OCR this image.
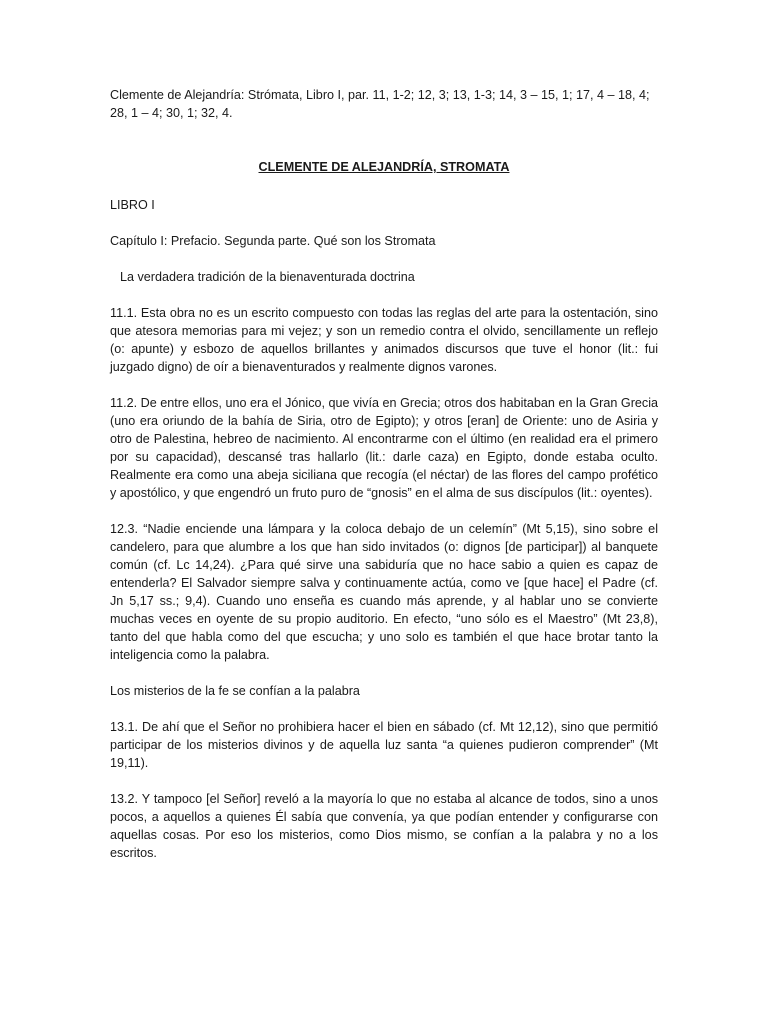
Clemente de Alejandría: Strómata, Libro I, par. 11, 1-2; 12, 3; 13, 1-3; 14, 3 – 15, 1; 17, 4 – 18, 4; 28, 1 – 4; 30, 1; 32, 4.

CLEMENTE DE ALEJANDRÍA, STROMATA

LIBRO I

Capítulo I: Prefacio. Segunda parte. Qué son los Stromata

La verdadera tradición de la bienaventurada doctrina

11.1. Esta obra no es un escrito compuesto con todas las reglas del arte para la ostentación, sino que atesora memorias para mi vejez; y son un remedio contra el olvido, sencillamente un reflejo (o: apunte) y esbozo de aquellos brillantes y animados discursos que tuve el honor (lit.: fui juzgado digno) de oír a bienaventurados y realmente dignos varones.

11.2. De entre ellos, uno era el Jónico, que vivía en Grecia; otros dos habitaban en la Gran Grecia (uno era oriundo de la bahía de Siria, otro de Egipto); y otros [eran] de Oriente: uno de Asiria y otro de Palestina, hebreo de nacimiento. Al encontrarme con el último (en realidad era el primero por su capacidad), descansé tras hallarlo (lit.: darle caza) en Egipto, donde estaba oculto. Realmente era como una abeja siciliana que recogía (el néctar) de las flores del campo profético y apostólico, y que engendró un fruto puro de “gnosis” en el alma de sus discípulos (lit.: oyentes).

12.3. “Nadie enciende una lámpara y la coloca debajo de un celemín” (Mt 5,15), sino sobre el candelero, para que alumbre a los que han sido invitados (o: dignos [de participar]) al banquete común (cf. Lc 14,24). ¿Para qué sirve una sabiduría que no hace sabio a quien es capaz de entenderla? El Salvador siempre salva y continuamente actúa, como ve [que hace] el Padre (cf. Jn 5,17 ss.; 9,4). Cuando uno enseña es cuando más aprende, y al hablar uno se convierte muchas veces en oyente de su propio auditorio. En efecto, “uno sólo es el Maestro” (Mt 23,8), tanto del que habla como del que escucha; y uno solo es también el que hace brotar tanto la inteligencia como la palabra.

Los misterios de la fe se confían a la palabra

13.1. De ahí que el Señor no prohibiera hacer el bien en sábado (cf. Mt 12,12), sino que permitió participar de los misterios divinos y de aquella luz santa “a quienes pudieron comprender” (Mt 19,11).

13.2. Y tampoco [el Señor] reveló a la mayoría lo que no estaba al alcance de todos, sino a unos pocos, a aquellos a quienes Él sabía que convenía, ya que podían entender y configurarse con aquellas cosas. Por eso los misterios, como Dios mismo, se confían a la palabra y no a los escritos.
